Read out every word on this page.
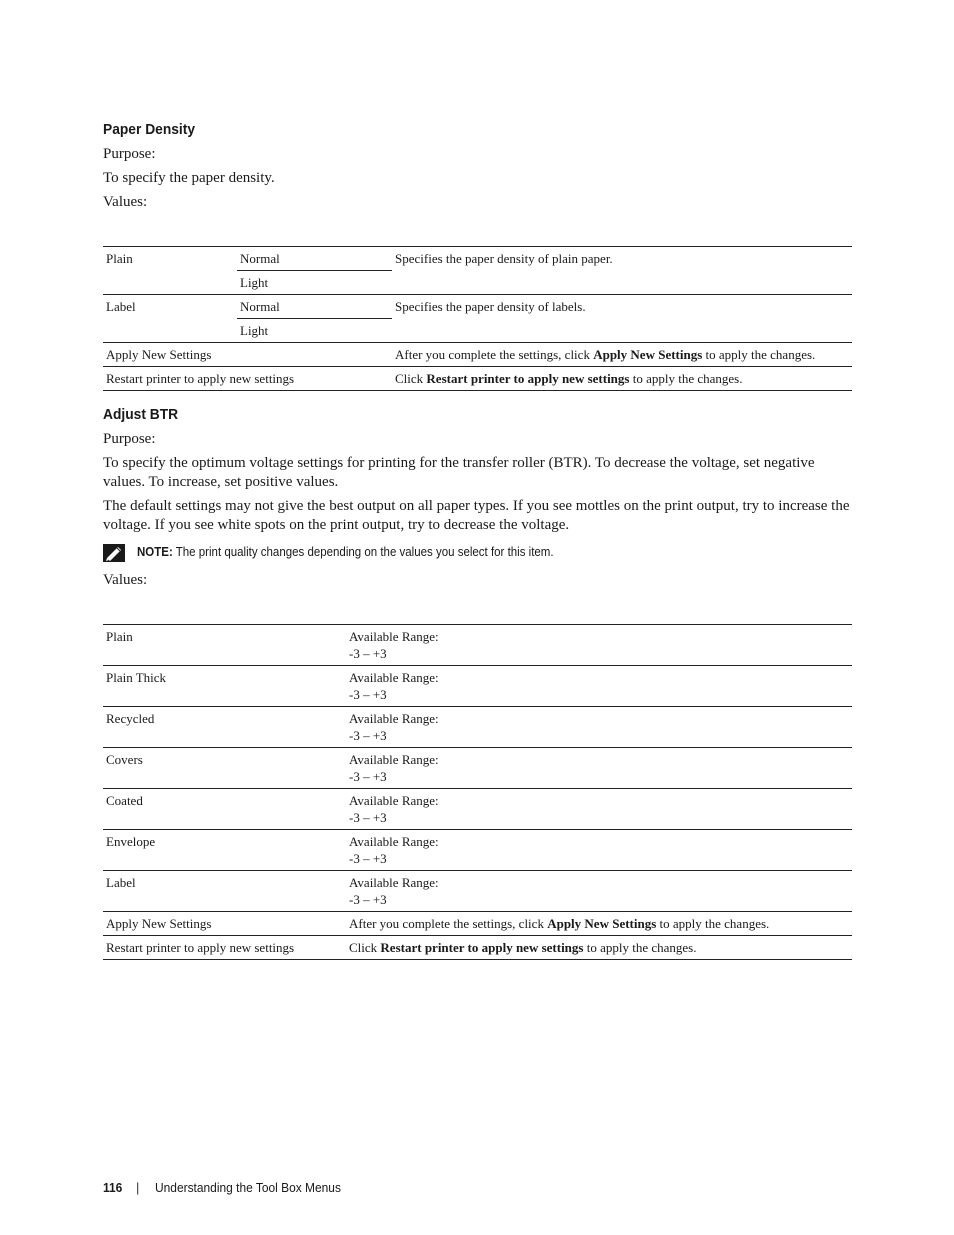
Paper Density

Purpose:

To specify the paper density.

Values:

Plain	Normal	Specifies the paper density of plain paper.
	Light	
Label	Normal	Specifies the paper density of labels.
	Light	
Apply New Settings		After you complete the settings, click Apply New Settings to apply the changes.
Restart printer to apply new settings		Click Restart printer to apply new settings to apply the changes.
Adjust BTR

Purpose:

To specify the optimum voltage settings for printing for the transfer roller (BTR). To decrease the voltage, set negative values. To increase, set positive values.

The default settings may not give the best output on all paper types. If you see mottles on the print output, try to increase the voltage. If you see white spots on the print output, try to decrease the voltage.

NOTE: The print quality changes depending on the values you select for this item.

Values:

Plain	Available Range:
-3 – +3

Plain Thick	Available Range:
-3 – +3

Recycled	Available Range:
-3 – +3

Covers	Available Range:
-3 – +3

Coated	Available Range:
-3 – +3

Envelope	Available Range:
-3 – +3

Label	Available Range:
-3 – +3

Apply New Settings	After you complete the settings, click Apply New Settings to apply the changes.
Restart printer to apply new settings	Click Restart printer to apply new settings to apply the changes.
116 | Understanding the Tool Box Menus
